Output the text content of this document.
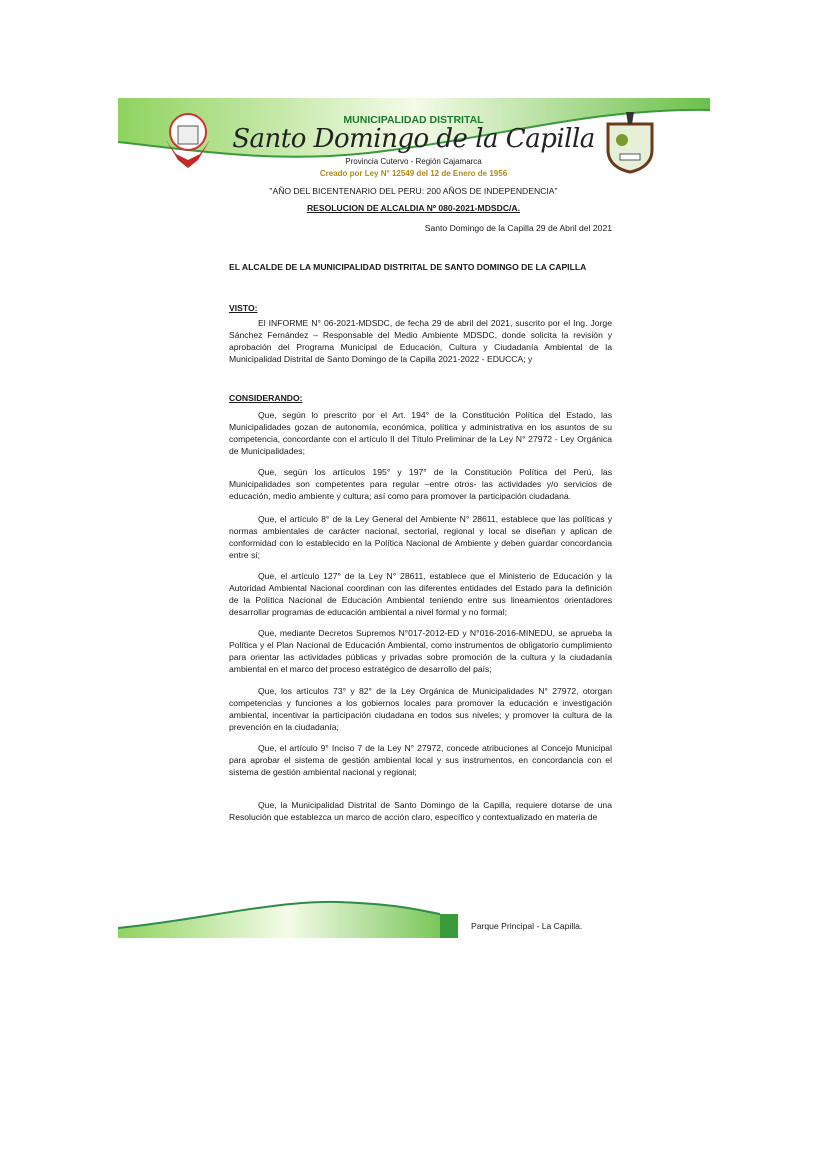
MUNICIPALIDAD DISTRITAL
Santo Domingo de la Capilla
Provincia Cutervo - Región Cajamarca
Creado por Ley N° 12549 del 12 de Enero de 1956
"AÑO DEL BICENTENARIO DEL PERU: 200 AÑOS DE INDEPENDENCIA"
RESOLUCION DE ALCALDIA Nº 080-2021-MDSDC/A.
Santo Domingo de la Capilla 29 de Abril del 2021
EL ALCALDE DE LA MUNICIPALIDAD DISTRITAL DE SANTO DOMINGO DE LA CAPILLA
VISTO:
El INFORME N° 06-2021-MDSDC, de fecha 29 de abril del 2021, suscrito por el Ing. Jorge Sánchez Fernández – Responsable del Medio Ambiente MDSDC, donde solicita la revisión y aprobación del Programa Municipal de Educación, Cultura y Ciudadanía Ambiental de la Municipalidad Distrital de Santo Domingo de la Capilla 2021-2022 - EDUCCA; y
CONSIDERANDO:
Que, según lo prescrito por el Art. 194° de la Constitución Política del Estado, las Municipalidades gozan de autonomía, económica, política y administrativa en los asuntos de su competencia, concordante con el artículo II del Título Preliminar de la Ley N° 27972 - Ley Orgánica de Municipalidades;
Que, según los artículos 195° y 197° de la Constitución Política del Perú, las Municipalidades son competentes para regular –entre otros- las actividades y/o servicios de educación, medio ambiente y cultura; así como para promover la participación ciudadana.
Que, el artículo 8° de la Ley General del Ambiente N° 28611, establece que las políticas y normas ambientales de carácter nacional, sectorial, regional y local se diseñan y aplican de conformidad con lo establecido en la Política Nacional de Ambiente y deben guardar concordancia entre sí;
Que, el artículo 127° de la Ley N° 28611, establece que el Ministerio de Educación y la Autoridad Ambiental Nacional coordinan con las diferentes entidades del Estado para la definición de la Política Nacional de Educación Ambiental teniendo entre sus lineamientos orientadores desarrollar programas de educación ambiental a nivel formal y no formal;
Que, mediante Decretos Supremos N°017-2012-ED y N°016-2016-MINEDU, se aprueba la Política y el Plan Nacional de Educación Ambiental, como instrumentos de obligatorio cumplimiento para orientar las actividades públicas y privadas sobre promoción de la cultura y la ciudadanía ambiental en el marco del proceso estratégico de desarrollo del país;
Que, los artículos 73° y 82° de la Ley Orgánica de Municipalidades N° 27972, otorgan competencias y funciones a los gobiernos locales para promover la educación e investigación ambiental, incentivar la participación ciudadana en todos sus niveles; y promover la cultura de la prevención en la ciudadanía;
Que, el artículo 9° Inciso 7 de la Ley N° 27972, concede atribuciones al Concejo Municipal para aprobar el sistema de gestión ambiental local y sus instrumentos, en concordancia con el sistema de gestión ambiental nacional y regional;
Que, la Municipalidad Distrital de Santo Domingo de la Capilla, requiere dotarse de una Resolución que establezca un marco de acción claro, específico y contextualizado en materia de
Parque Principal - La Capilla.
